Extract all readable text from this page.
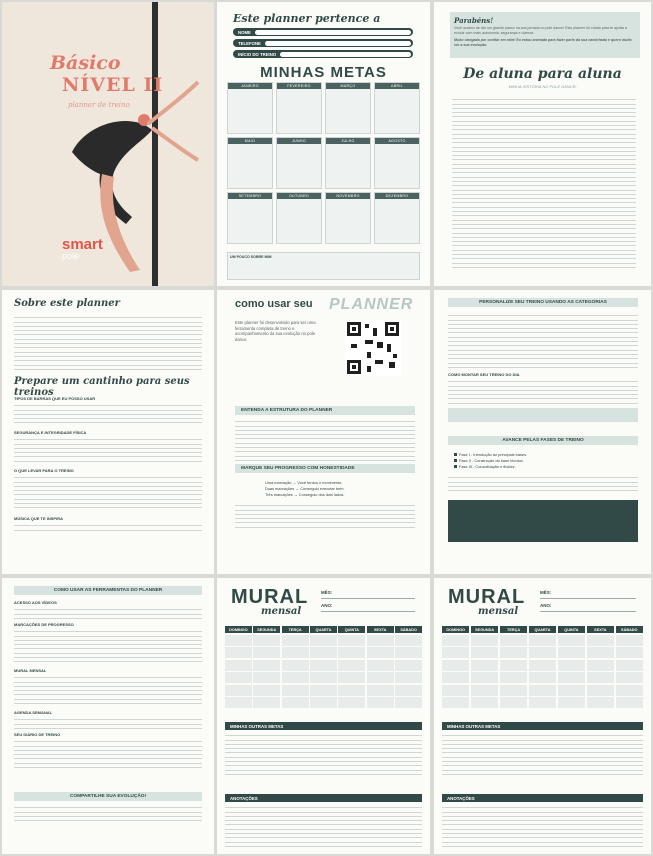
Básico
NÍVEL II
planner de treino
smart
pole
Este planner pertence a
NOME
TELEFONE
INÍCIO DO TREINO
MINHAS METAS
JANEIRO	FEVEREIRO	MARÇO	ABRIL
MAIO	JUNHO	JULHO	AGOSTO
SETEMBRO	OUTUBRO	NOVEMBRO	DEZEMBRO
UM POUCO SOBRE MIM
Parabéns!
Você acabou de dar um grande passo na sua jornada no pole dance! Este planner foi criado para te ajudar a evoluir com mais autonomia, segurança e clareza.
Muito obrigada por confiar em mim! Eu estou animada para fazer parte da sua caminhada e quero muito ver a sua evolução.
De aluna para aluna
MINHA HISTÓRIA NO POLE DANCE!
Sobre este planner
Prepare um cantinho para seus treinos
TIPOS DE BARRAS QUE EU POSSO USAR
SEGURANÇA E INTEGRIDADE FÍSICA
O QUE LEVAR PARA O TREINO
MÚSICA QUE TE INSPIRA
como usar seu PLANNER
Este planner foi desenvolvido para ser uma ferramenta completa de treino e acompanhamento da sua evolução no pole dance.
ENTENDA A ESTRUTURA DO PLANNER
MARQUE SEU PROGRESSO COM HONESTIDADE
Uma marcação → Você tentou o movimento.
Duas marcações → Conseguiu executar bem.
Três marcações → Conseguiu dos dois lados.
PERSONALIZE SEU TREINO USANDO AS CATEGORIAS
COMO MONTAR SEU TREINO DO DIA
AVANCE PELAS FASES DE TREINO
Fase I - Introdução ao principais bases.
Fase II - Construção da base técnica.
Fase III - Consolidação e fluidez.
COMO USAR AS FERRAMENTAS DO PLANNER
ACESSO AOS VÍDEOS
MARCAÇÕES DE PROGRESSO
MURAL MENSAL
AGENDA SEMANAL
SEU DIÁRIO DE TREINO
COMPARTILHE SUA EVOLUÇÃO!
MURAL
mensal
MÊS:
ANO:
DOMINGO	SEGUNDA	TERÇA	QUARTA	QUINTA	SEXTA	SÁBADO
MINHAS OUTRAS METAS
ANOTAÇÕES
MURAL
mensal
MÊS:
ANO:
DOMINGO	SEGUNDA	TERÇA	QUARTA	QUINTA	SEXTA	SÁBADO
MINHAS OUTRAS METAS
ANOTAÇÕES
